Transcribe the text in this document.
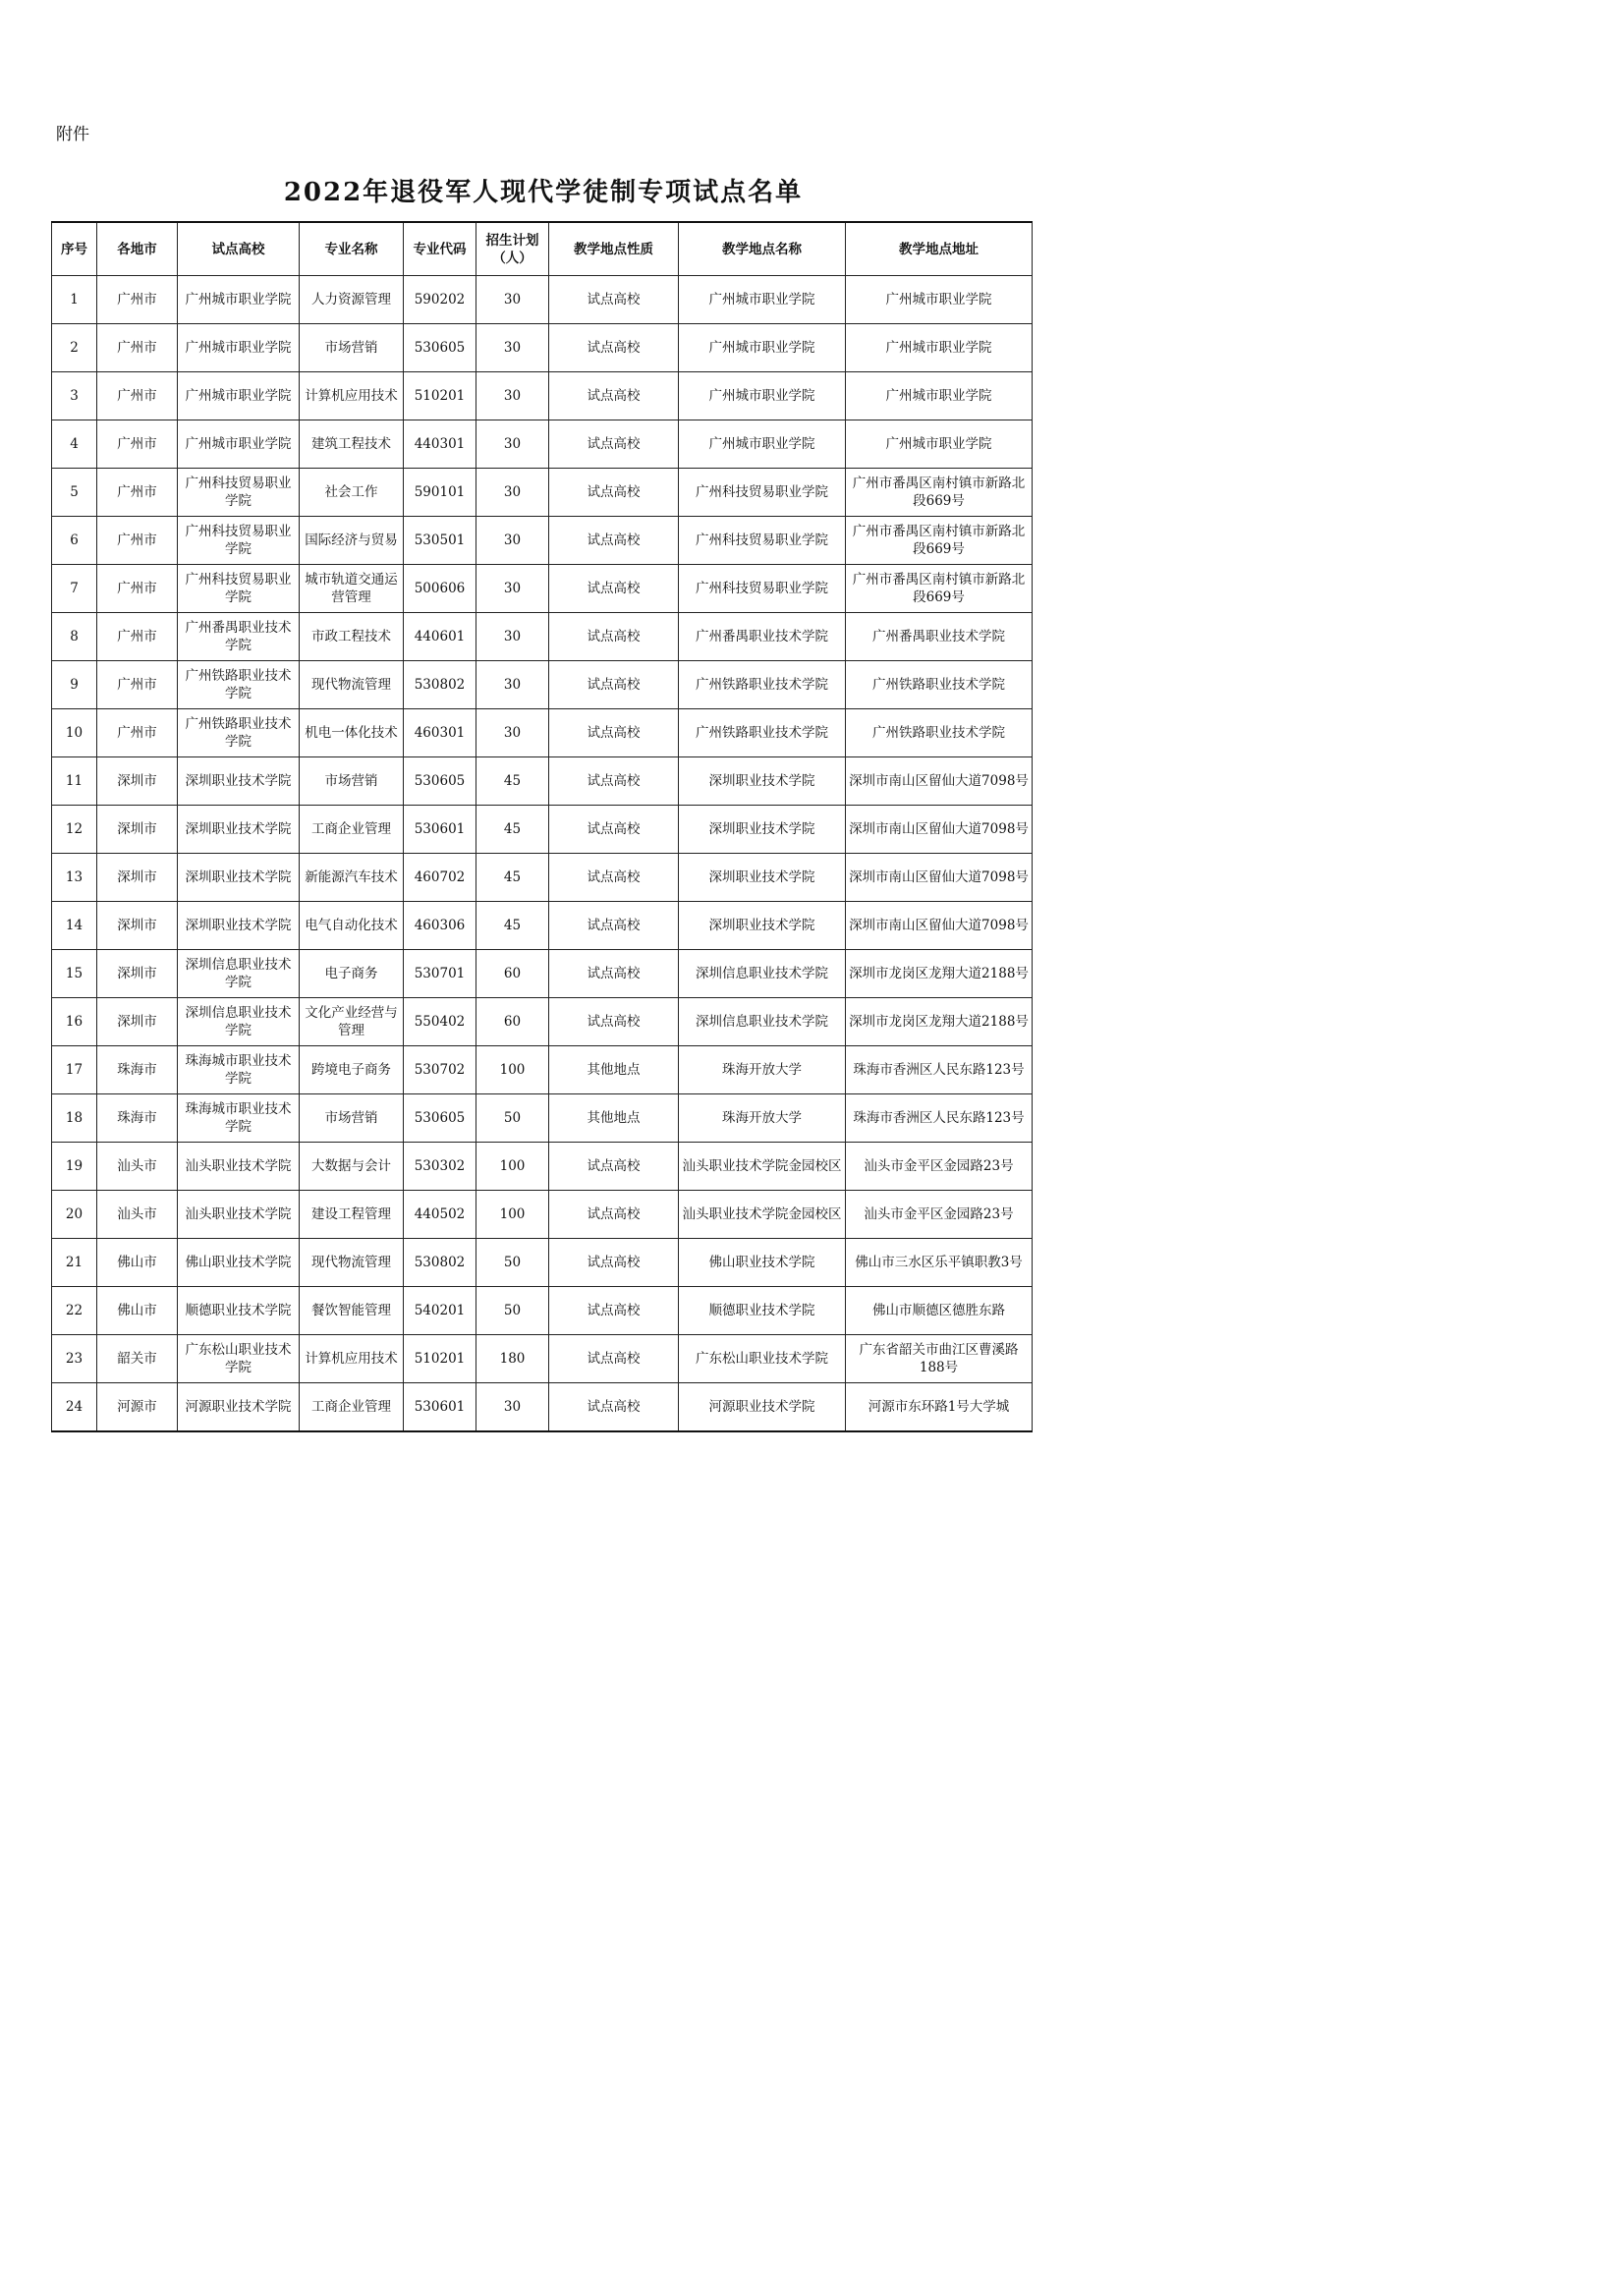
附件
2022年退役军人现代学徒制专项试点名单
序号	各地市	试点高校	专业名称	专业代码	招生计划（人）	教学地点性质	教学地点名称	教学地点地址
1	广州市	广州城市职业学院	人力资源管理	590202	30	试点高校	广州城市职业学院	广州城市职业学院
2	广州市	广州城市职业学院	市场营销	530605	30	试点高校	广州城市职业学院	广州城市职业学院
3	广州市	广州城市职业学院	计算机应用技术	510201	30	试点高校	广州城市职业学院	广州城市职业学院
4	广州市	广州城市职业学院	建筑工程技术	440301	30	试点高校	广州城市职业学院	广州城市职业学院
5	广州市	广州科技贸易职业学院	社会工作	590101	30	试点高校	广州科技贸易职业学院	广州市番禺区南村镇市新路北段669号
6	广州市	广州科技贸易职业学院	国际经济与贸易	530501	30	试点高校	广州科技贸易职业学院	广州市番禺区南村镇市新路北段669号
7	广州市	广州科技贸易职业学院	城市轨道交通运营管理	500606	30	试点高校	广州科技贸易职业学院	广州市番禺区南村镇市新路北段669号
8	广州市	广州番禺职业技术学院	市政工程技术	440601	30	试点高校	广州番禺职业技术学院	广州番禺职业技术学院
9	广州市	广州铁路职业技术学院	现代物流管理	530802	30	试点高校	广州铁路职业技术学院	广州铁路职业技术学院
10	广州市	广州铁路职业技术学院	机电一体化技术	460301	30	试点高校	广州铁路职业技术学院	广州铁路职业技术学院
11	深圳市	深圳职业技术学院	市场营销	530605	45	试点高校	深圳职业技术学院	深圳市南山区留仙大道7098号
12	深圳市	深圳职业技术学院	工商企业管理	530601	45	试点高校	深圳职业技术学院	深圳市南山区留仙大道7098号
13	深圳市	深圳职业技术学院	新能源汽车技术	460702	45	试点高校	深圳职业技术学院	深圳市南山区留仙大道7098号
14	深圳市	深圳职业技术学院	电气自动化技术	460306	45	试点高校	深圳职业技术学院	深圳市南山区留仙大道7098号
15	深圳市	深圳信息职业技术学院	电子商务	530701	60	试点高校	深圳信息职业技术学院	深圳市龙岗区龙翔大道2188号
16	深圳市	深圳信息职业技术学院	文化产业经营与管理	550402	60	试点高校	深圳信息职业技术学院	深圳市龙岗区龙翔大道2188号
17	珠海市	珠海城市职业技术学院	跨境电子商务	530702	100	其他地点	珠海开放大学	珠海市香洲区人民东路123号
18	珠海市	珠海城市职业技术学院	市场营销	530605	50	其他地点	珠海开放大学	珠海市香洲区人民东路123号
19	汕头市	汕头职业技术学院	大数据与会计	530302	100	试点高校	汕头职业技术学院金园校区	汕头市金平区金园路23号
20	汕头市	汕头职业技术学院	建设工程管理	440502	100	试点高校	汕头职业技术学院金园校区	汕头市金平区金园路23号
21	佛山市	佛山职业技术学院	现代物流管理	530802	50	试点高校	佛山职业技术学院	佛山市三水区乐平镇职教3号
22	佛山市	顺德职业技术学院	餐饮智能管理	540201	50	试点高校	顺德职业技术学院	佛山市顺德区德胜东路
23	韶关市	广东松山职业技术学院	计算机应用技术	510201	180	试点高校	广东松山职业技术学院	广东省韶关市曲江区曹溪路188号
24	河源市	河源职业技术学院	工商企业管理	530601	30	试点高校	河源职业技术学院	河源市东环路1号大学城
